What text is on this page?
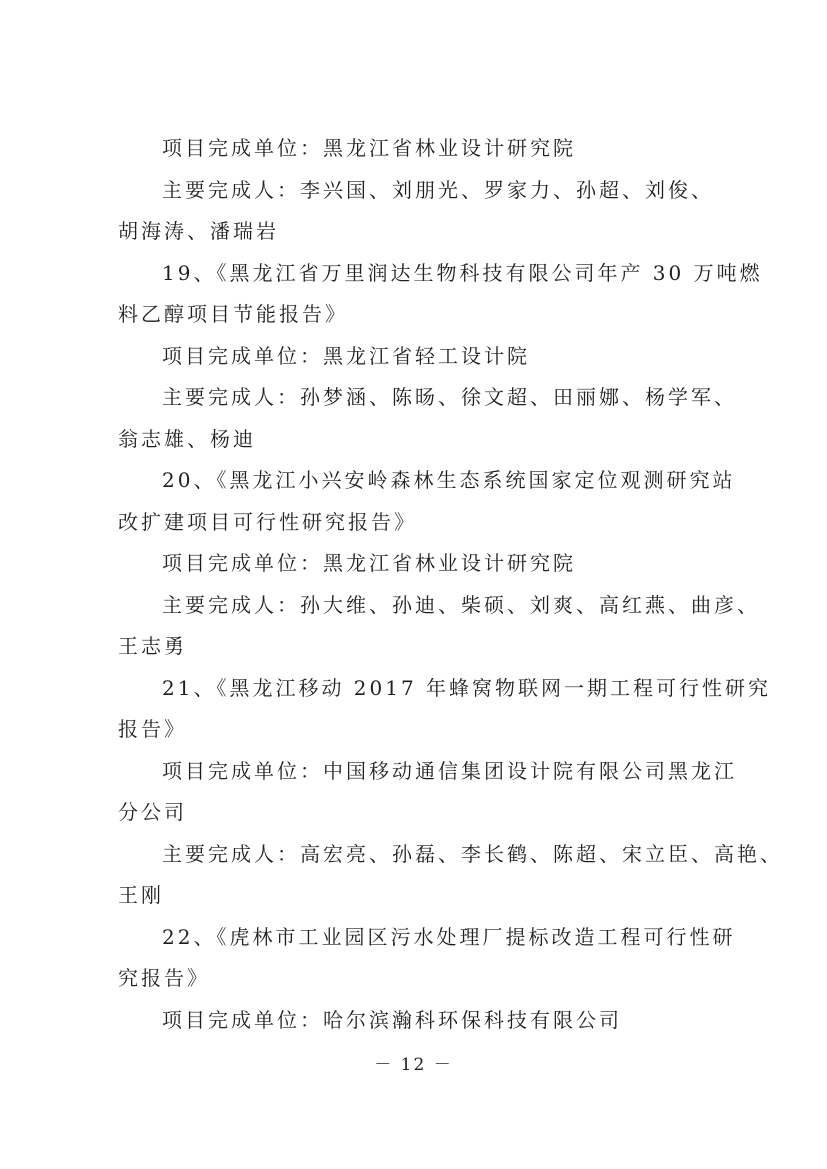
项目完成单位：黑龙江省林业设计研究院
主要完成人：李兴国、刘朋光、罗家力、孙超、刘俊、
胡海涛、潘瑞岩
19、《黑龙江省万里润达生物科技有限公司年产 30 万吨燃
料乙醇项目节能报告》
项目完成单位：黑龙江省轻工设计院
主要完成人：孙梦涵、陈旸、徐文超、田丽娜、杨学军、
翁志雄、杨迪
20、《黑龙江小兴安岭森林生态系统国家定位观测研究站
改扩建项目可行性研究报告》
项目完成单位：黑龙江省林业设计研究院
主要完成人：孙大维、孙迪、柴硕、刘爽、高红燕、曲彦、
王志勇
21、《黑龙江移动 2017 年蜂窝物联网一期工程可行性研究
报告》
项目完成单位：中国移动通信集团设计院有限公司黑龙江
分公司
主要完成人：高宏亮、孙磊、李长鹤、陈超、宋立臣、高艳、
王刚
22、《虎林市工业园区污水处理厂提标改造工程可行性研
究报告》
项目完成单位：哈尔滨瀚科环保科技有限公司
－ 12 －
